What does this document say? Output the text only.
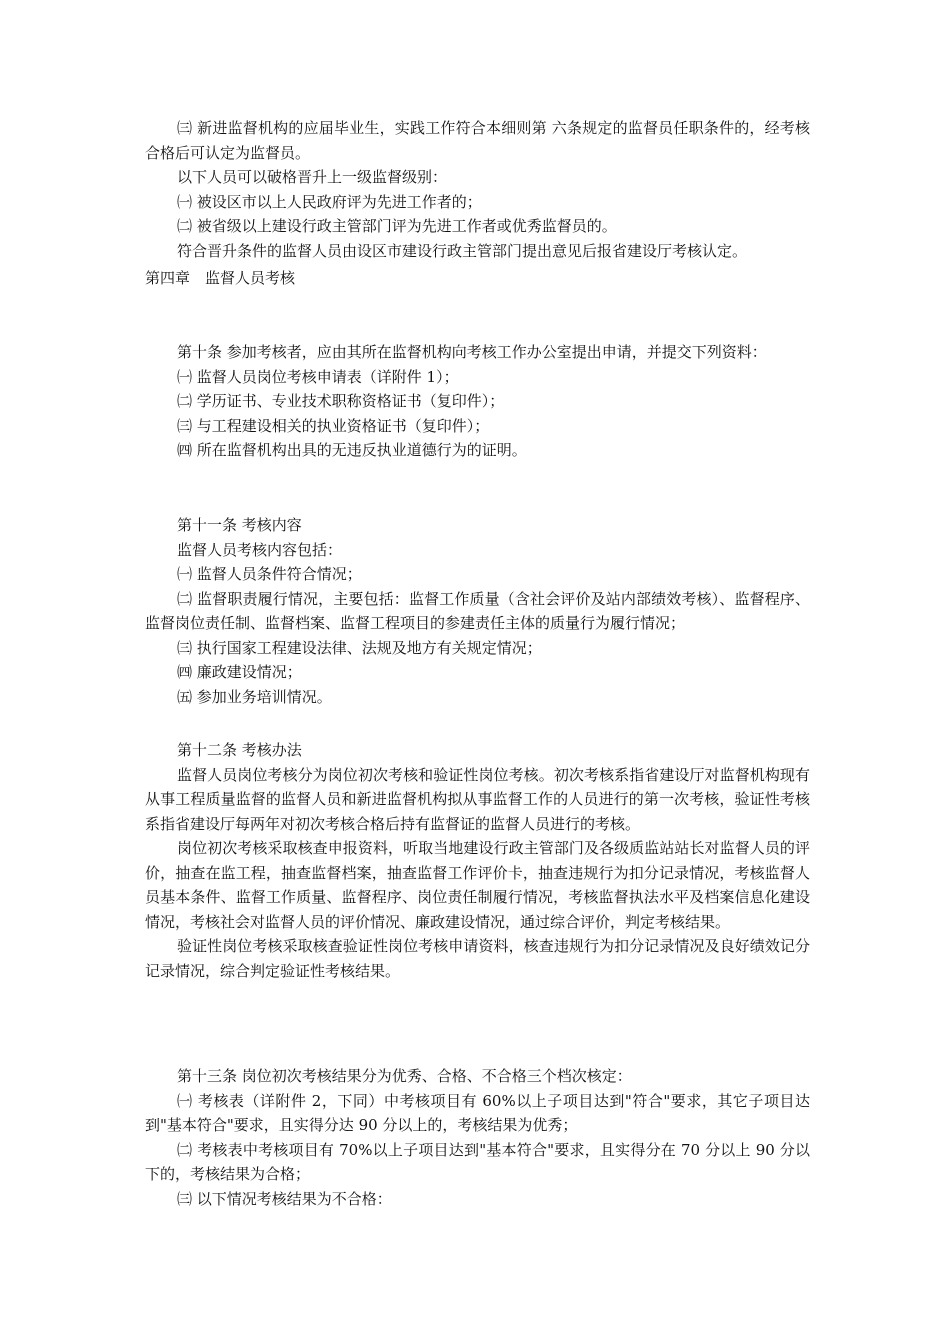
㈢ 新进监督机构的应届毕业生，实践工作符合本细则第 六条规定的监督员任职条件的，经考核合格后可认定为监督员。

以下人员可以破格晋升上一级监督级别：

㈠ 被设区市以上人民政府评为先进工作者的；

㈡ 被省级以上建设行政主管部门评为先进工作者或优秀监督员的。

符合晋升条件的监督人员由设区市建设行政主管部门提出意见后报省建设厅考核认定。

第四章　监督人员考核

第十条 参加考核者，应由其所在监督机构向考核工作办公室提出申请，并提交下列资料：

㈠ 监督人员岗位考核申请表（详附件 1）；

㈡ 学历证书、专业技术职称资格证书（复印件）；

㈢ 与工程建设相关的执业资格证书（复印件）；

㈣ 所在监督机构出具的无违反执业道德行为的证明。

第十一条 考核内容

监督人员考核内容包括：

㈠ 监督人员条件符合情况；

㈡ 监督职责履行情况，主要包括：监督工作质量（含社会评价及站内部绩效考核）、监督程序、监督岗位责任制、监督档案、监督工程项目的参建责任主体的质量行为履行情况；

㈢ 执行国家工程建设法律、法规及地方有关规定情况；

㈣ 廉政建设情况；

㈤ 参加业务培训情况。

第十二条 考核办法

监督人员岗位考核分为岗位初次考核和验证性岗位考核。初次考核系指省建设厅对监督机构现有从事工程质量监督的监督人员和新进监督机构拟从事监督工作的人员进行的第一次考核，验证性考核系指省建设厅每两年对初次考核合格后持有监督证的监督人员进行的考核。

岗位初次考核采取核查申报资料，听取当地建设行政主管部门及各级质监站站长对监督人员的评价，抽查在监工程，抽查监督档案，抽查监督工作评价卡，抽查违规行为扣分记录情况，考核监督人员基本条件、监督工作质量、监督程序、岗位责任制履行情况，考核监督执法水平及档案信息化建设情况，考核社会对监督人员的评价情况、廉政建设情况，通过综合评价，判定考核结果。

验证性岗位考核采取核查验证性岗位考核申请资料，核查违规行为扣分记录情况及良好绩效记分记录情况，综合判定验证性考核结果。

第十三条 岗位初次考核结果分为优秀、合格、不合格三个档次核定：

㈠ 考核表（详附件 2，下同）中考核项目有 60%以上子项目达到"符合"要求，其它子项目达到"基本符合"要求，且实得分达 90 分以上的，考核结果为优秀；

㈡ 考核表中考核项目有 70%以上子项目达到"基本符合"要求，且实得分在 70 分以上 90 分以下的，考核结果为合格；

㈢ 以下情况考核结果为不合格：
